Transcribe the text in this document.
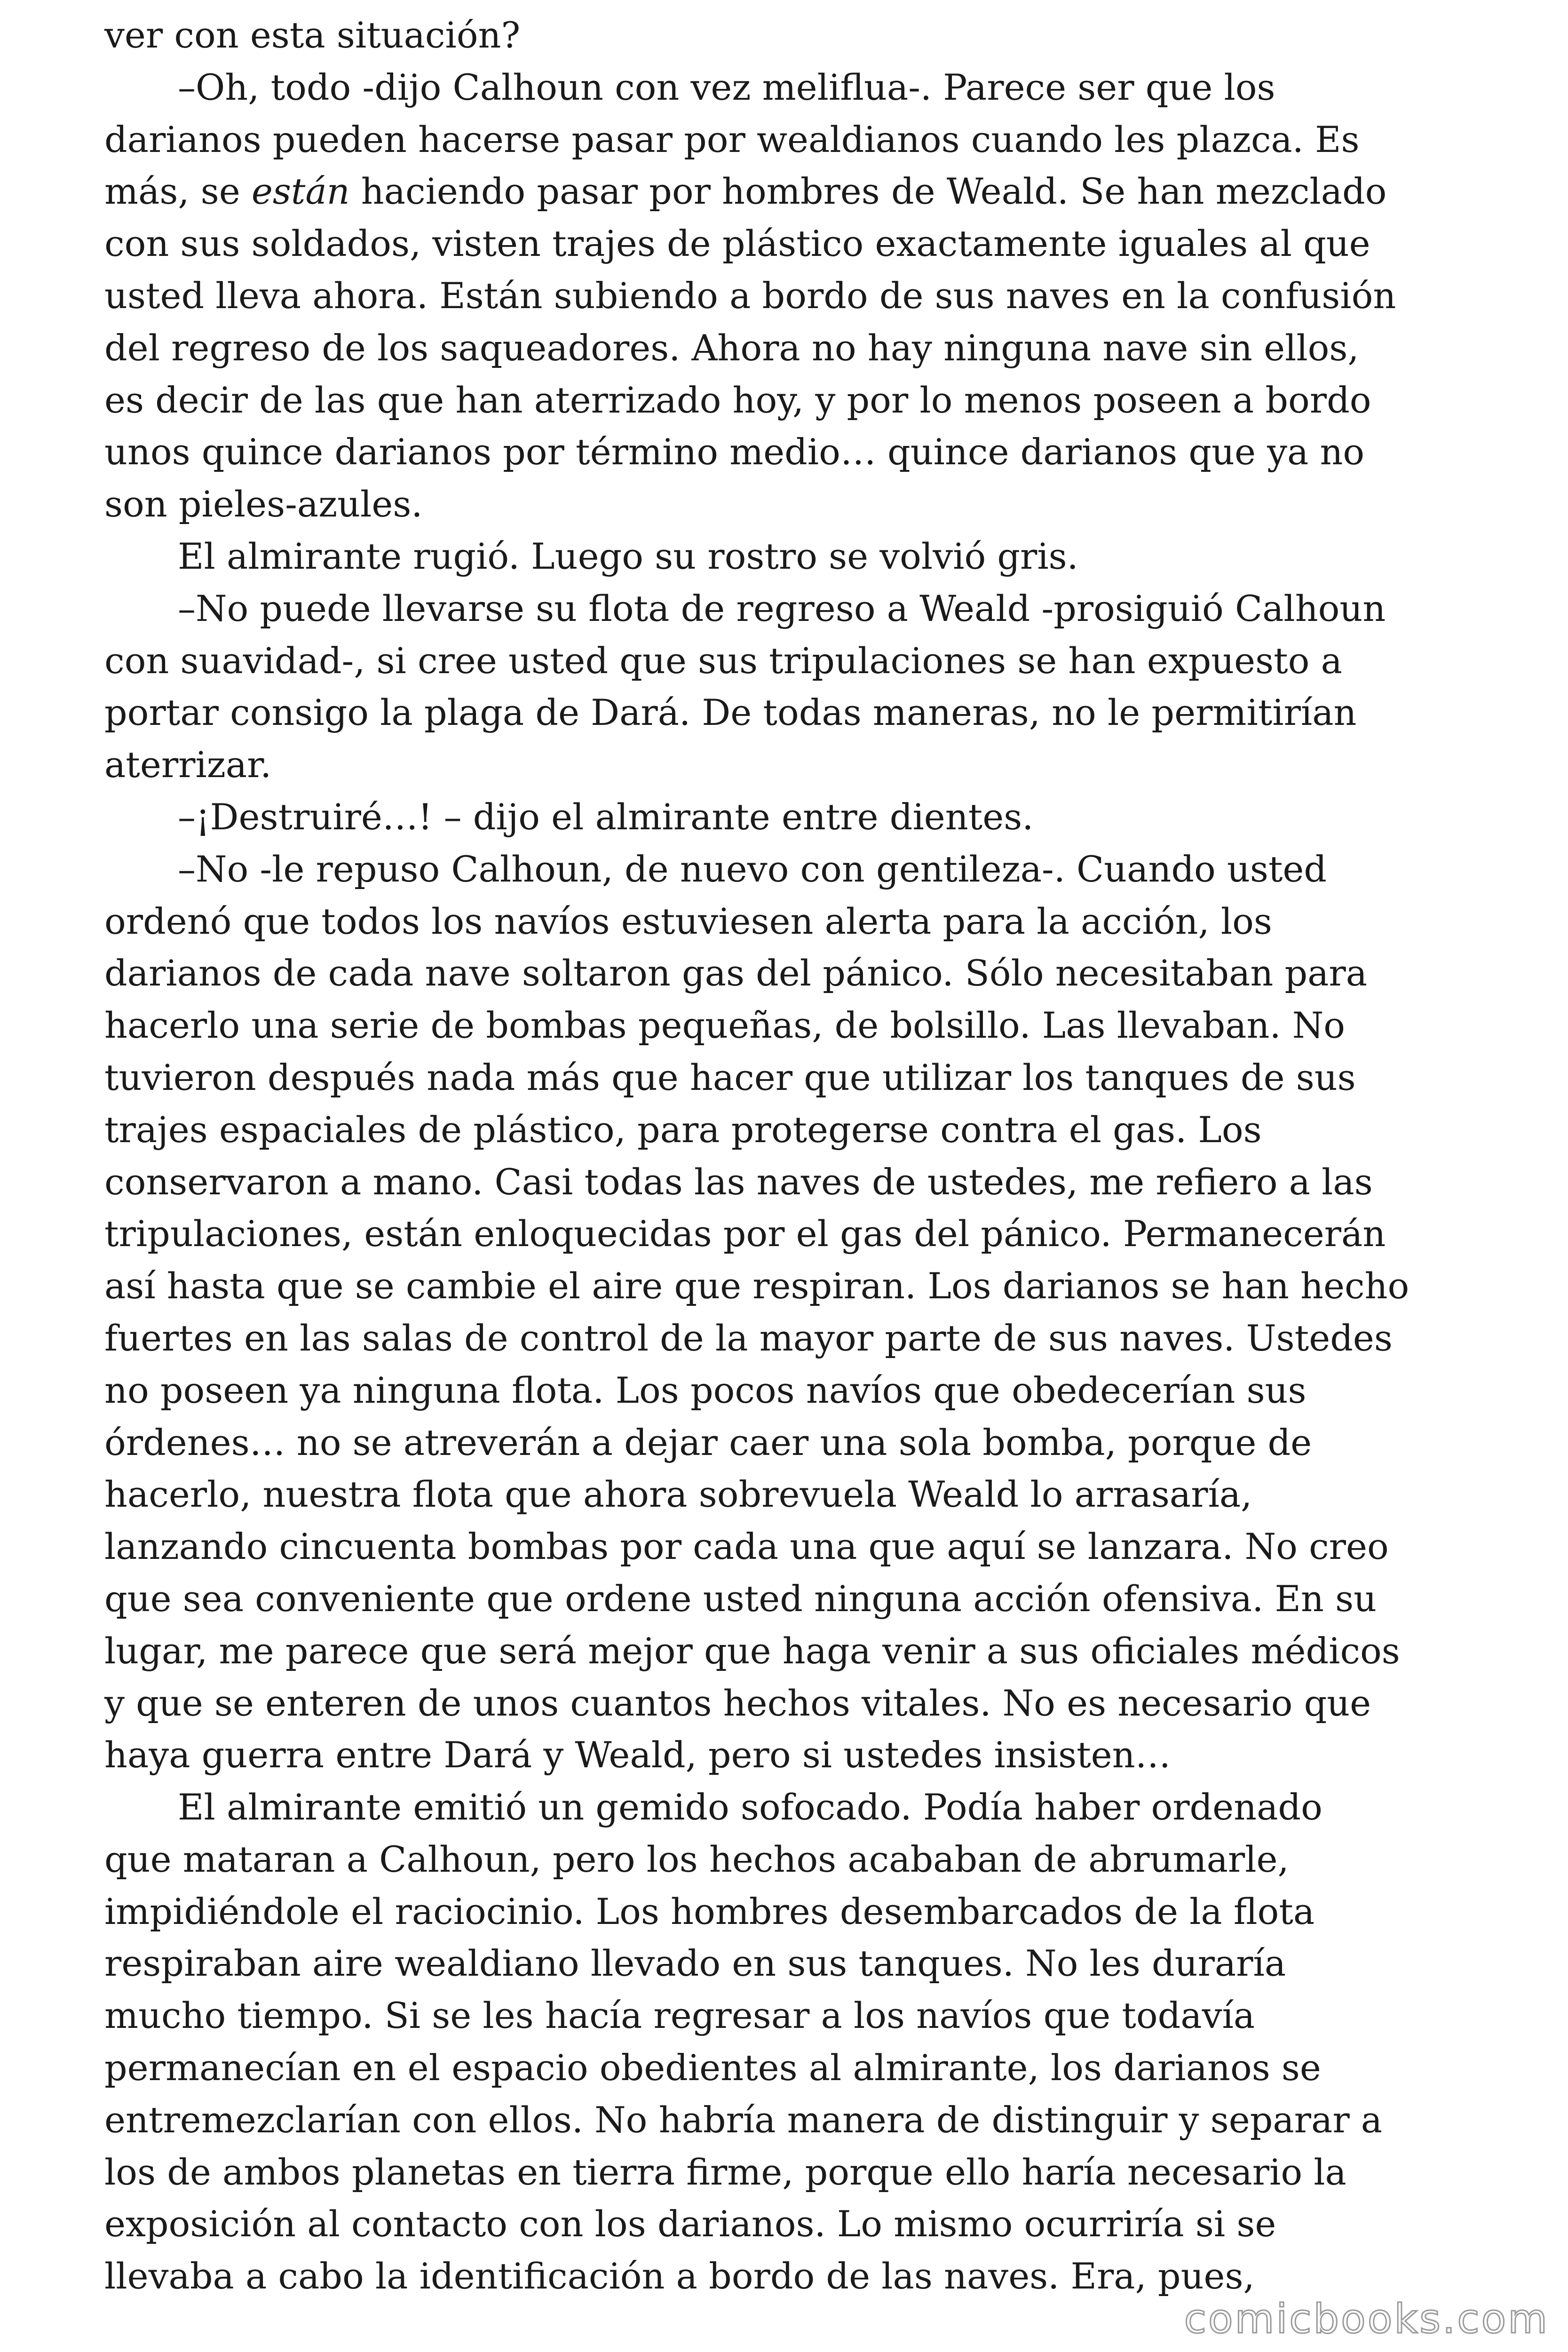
ver con esta situación?

–Oh, todo -dijo Calhoun con vez meliflua-. Parece ser que los
darianos pueden hacerse pasar por wealdianos cuando les plazca. Es
más, se están haciendo pasar por hombres de Weald. Se han mezclado
con sus soldados, visten trajes de plástico exactamente iguales al que
usted lleva ahora. Están subiendo a bordo de sus naves en la confusión
del regreso de los saqueadores. Ahora no hay ninguna nave sin ellos,
es decir de las que han aterrizado hoy, y por lo menos poseen a bordo
unos quince darianos por término medio… quince darianos que ya no
son pieles-azules.

El almirante rugió. Luego su rostro se volvió gris.

–No puede llevarse su flota de regreso a Weald -prosiguió Calhoun
con suavidad-, si cree usted que sus tripulaciones se han expuesto a
portar consigo la plaga de Dará. De todas maneras, no le permitirían
aterrizar.

–¡Destruiré…! – dijo el almirante entre dientes.

–No -le repuso Calhoun, de nuevo con gentileza-. Cuando usted
ordenó que todos los navíos estuviesen alerta para la acción, los
darianos de cada nave soltaron gas del pánico. Sólo necesitaban para
hacerlo una serie de bombas pequeñas, de bolsillo. Las llevaban. No
tuvieron después nada más que hacer que utilizar los tanques de sus
trajes espaciales de plástico, para protegerse contra el gas. Los
conservaron a mano. Casi todas las naves de ustedes, me refiero a las
tripulaciones, están enloquecidas por el gas del pánico. Permanecerán
así hasta que se cambie el aire que respiran. Los darianos se han hecho
fuertes en las salas de control de la mayor parte de sus naves. Ustedes
no poseen ya ninguna flota. Los pocos navíos que obedecerían sus
órdenes… no se atreverán a dejar caer una sola bomba, porque de
hacerlo, nuestra flota que ahora sobrevuela Weald lo arrasaría,
lanzando cincuenta bombas por cada una que aquí se lanzara. No creo
que sea conveniente que ordene usted ninguna acción ofensiva. En su
lugar, me parece que será mejor que haga venir a sus oficiales médicos
y que se enteren de unos cuantos hechos vitales. No es necesario que
haya guerra entre Dará y Weald, pero si ustedes insisten…

El almirante emitió un gemido sofocado. Podía haber ordenado
que mataran a Calhoun, pero los hechos acababan de abrumarle,
impidiéndole el raciocinio. Los hombres desembarcados de la flota
respiraban aire wealdiano llevado en sus tanques. No les duraría
mucho tiempo. Si se les hacía regresar a los navíos que todavía
permanecían en el espacio obedientes al almirante, los darianos se
entremezclarían con ellos. No habría manera de distinguir y separar a
los de ambos planetas en tierra firme, porque ello haría necesario la
exposición al contacto con los darianos. Lo mismo ocurriría si se
llevaba a cabo la identificación a bordo de las naves. Era, pues,

comicbooks.com
